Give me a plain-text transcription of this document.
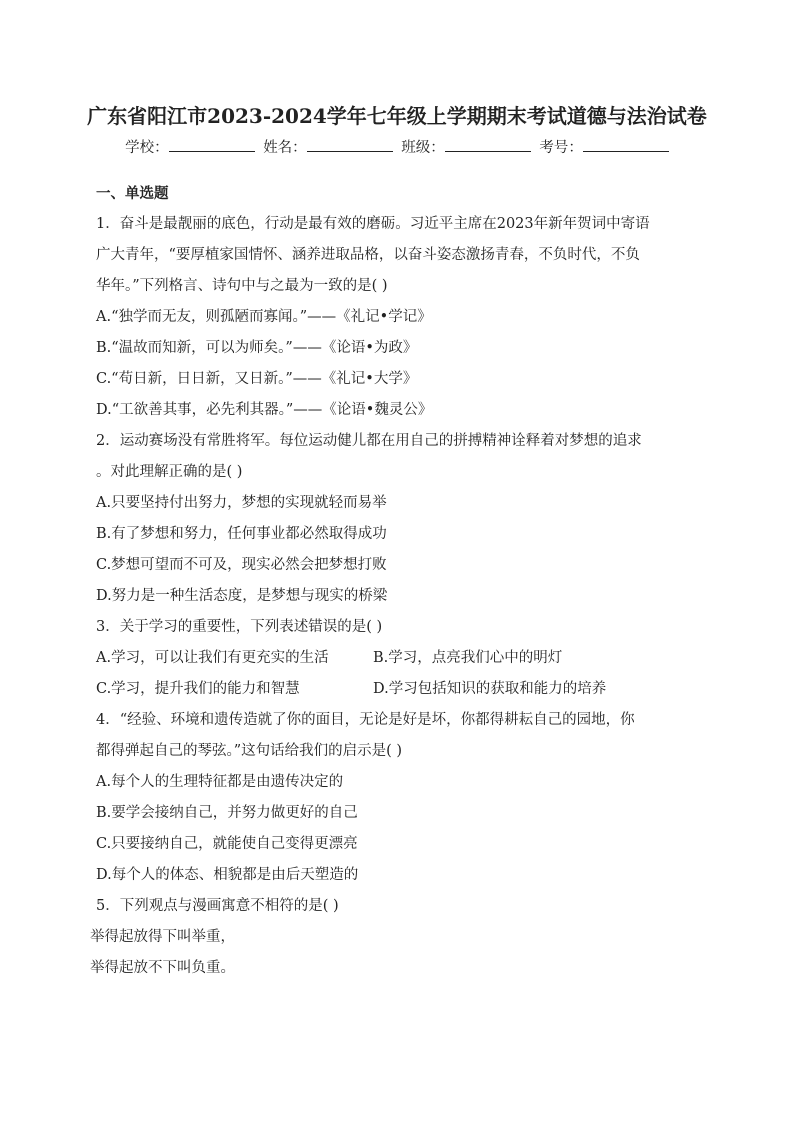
广东省阳江市2023-2024学年七年级上学期期末考试道德与法治试卷
学校：	姓名：	班级：	考号：
一、单选题
1．奋斗是最靓丽的底色，行动是最有效的磨砺。习近平主席在2023年新年贺词中寄语
广大青年，“要厚植家国情怀、涵养进取品格，以奋斗姿态激扬青春，不负时代，不负
华年。”下列格言、诗句中与之最为一致的是( )
A.“独学而无友，则孤陋而寡闻。”——《礼记•学记》
B.“温故而知新，可以为师矣。”——《论语•为政》
C.“苟日新，日日新，又日新。”——《礼记•大学》
D.“工欲善其事，必先利其器。”——《论语•魏灵公》
2．运动赛场没有常胜将军。每位运动健儿都在用自己的拼搏精神诠释着对梦想的追求
。对此理解正确的是( )
A.只要坚持付出努力，梦想的实现就轻而易举
B.有了梦想和努力，任何事业都必然取得成功
C.梦想可望而不可及，现实必然会把梦想打败
D.努力是一种生活态度，是梦想与现实的桥梁
3．关于学习的重要性，下列表述错误的是( )
A.学习，可以让我们有更充实的生活	B.学习，点亮我们心中的明灯
C.学习，提升我们的能力和智慧	D.学习包括知识的获取和能力的培养
4．“经验、环境和遗传造就了你的面目，无论是好是坏，你都得耕耘自己的园地，你
都得弹起自己的琴弦。”这句话给我们的启示是( )
A.每个人的生理特征都是由遗传决定的
B.要学会接纳自己，并努力做更好的自己
C.只要接纳自己，就能使自己变得更漂亮
D.每个人的体态、相貌都是由后天塑造的
5．下列观点与漫画寓意不相符的是( )
举得起放得下叫举重，
举得起放不下叫负重。
